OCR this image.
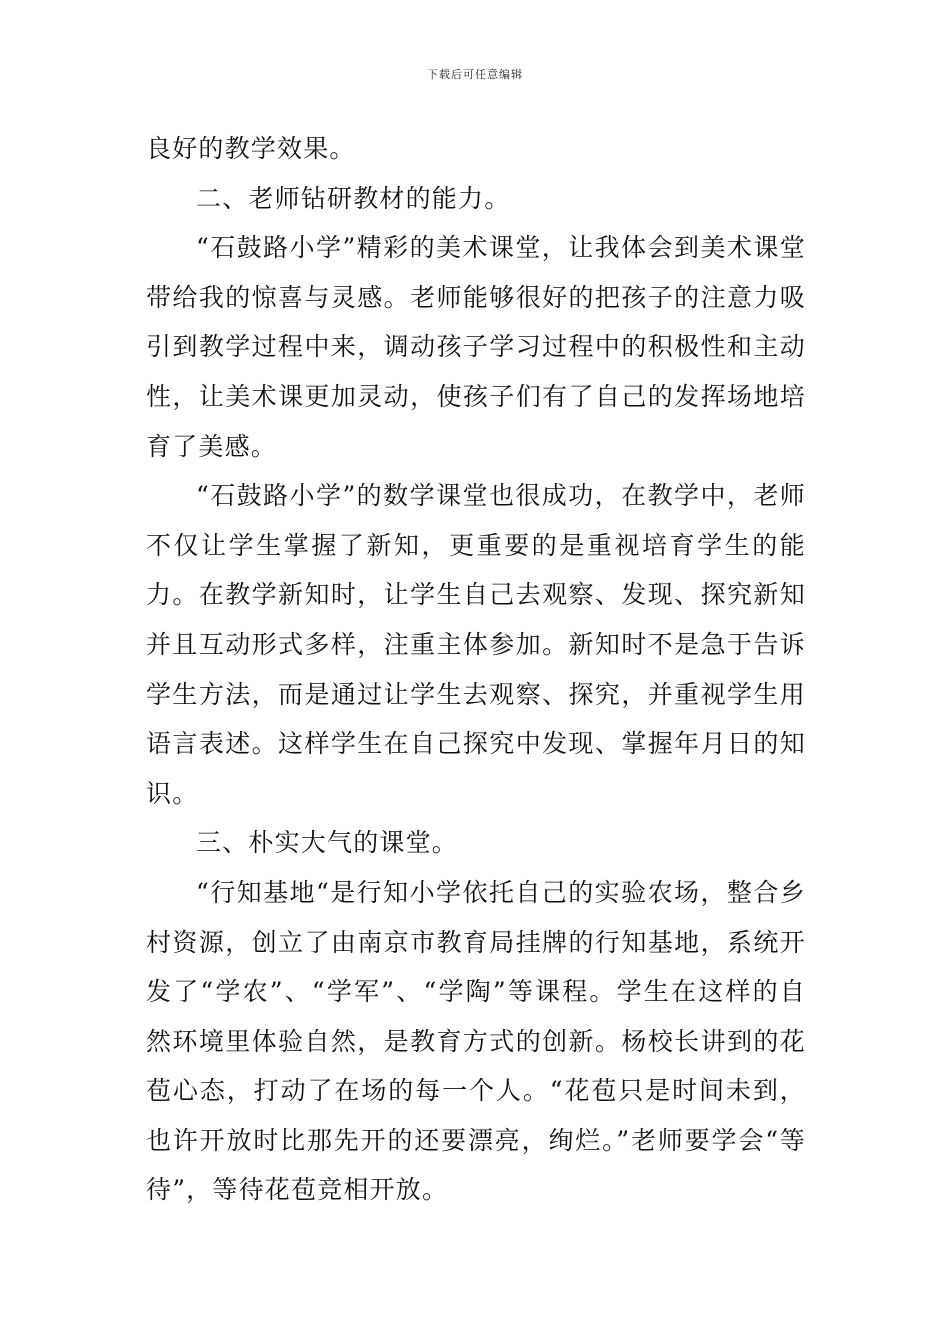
下载后可任意编辑

良好的教学效果。

二、老师钻研教材的能力。

“石鼓路小学”精彩的美术课堂，让我体会到美术课堂带给我的惊喜与灵感。老师能够很好的把孩子的注意力吸引到教学过程中来，调动孩子学习过程中的积极性和主动性，让美术课更加灵动，使孩子们有了自己的发挥场地培育了美感。

“石鼓路小学”的数学课堂也很成功，在教学中，老师不仅让学生掌握了新知，更重要的是重视培育学生的能力。在教学新知时，让学生自己去观察、发现、探究新知并且互动形式多样，注重主体参加。新知时不是急于告诉学生方法，而是通过让学生去观察、探究，并重视学生用语言表述。这样学生在自己探究中发现、掌握年月日的知识。

三、朴实大气的课堂。

“行知基地“是行知小学依托自己的实验农场，整合乡村资源，创立了由南京市教育局挂牌的行知基地，系统开发了“学农”、“学军”、“学陶”等课程。学生在这样的自然环境里体验自然，是教育方式的创新。杨校长讲到的花苞心态，打动了在场的每一个人。“花苞只是时间未到，也许开放时比那先开的还要漂亮，绚烂。”老师要学会“等待”，等待花苞竞相开放。
